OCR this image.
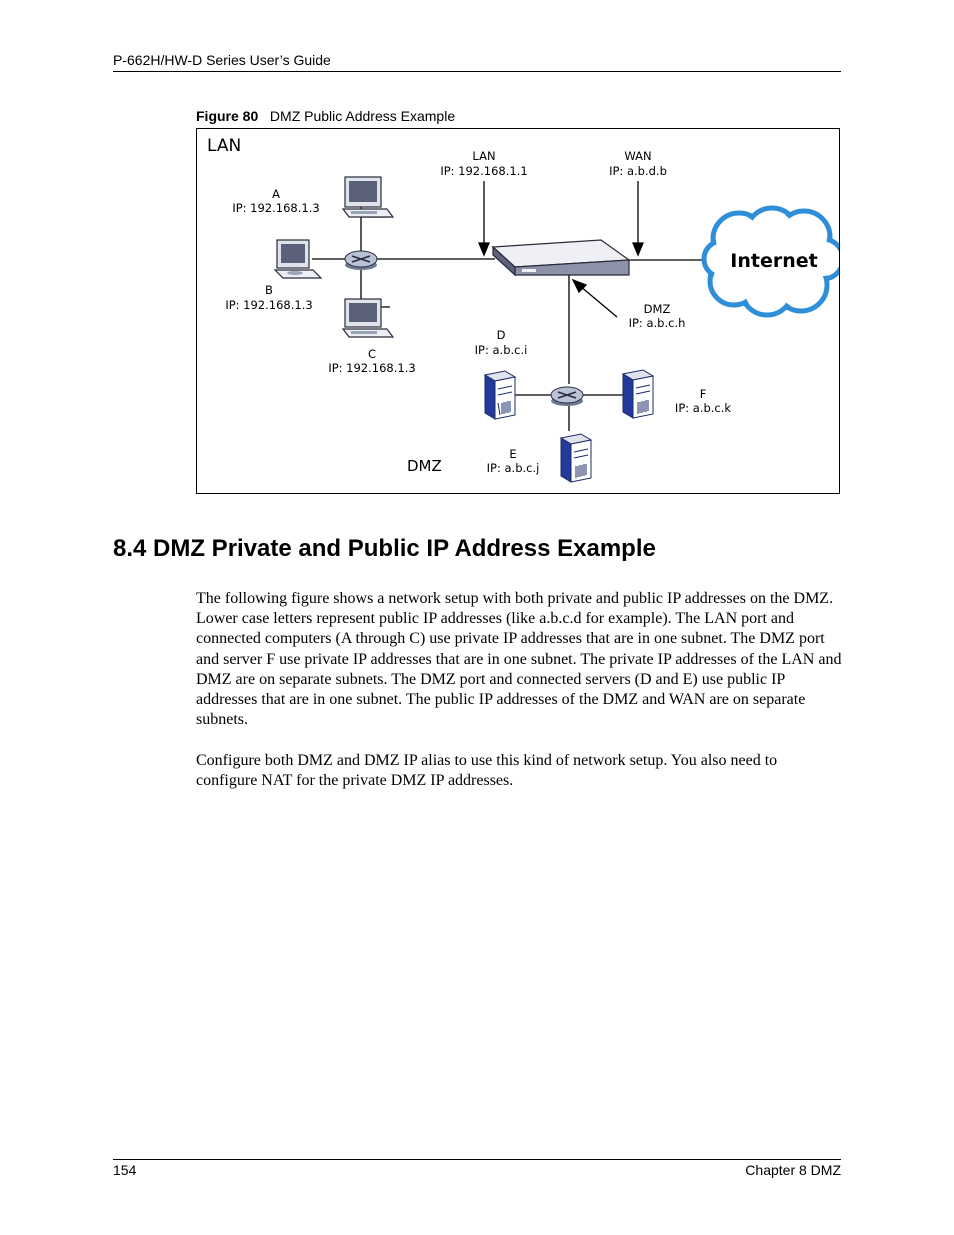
P-662H/HW-D Series User’s Guide
Figure 80 DMZ Public Address Example
LAN
DMZ
Internet
LAN
IP: 192.168.1.1
WAN
IP: a.b.d.b
DMZ
IP: a.b.c.h
A
IP: 192.168.1.3
B
IP: 192.168.1.3
C
IP: 192.168.1.3
D
IP: a.b.c.i
E
IP: a.b.c.j
F
IP: a.b.c.k
8.4 DMZ Private and Public IP Address Example
The following figure shows a network setup with both private and public IP addresses on the DMZ. Lower case letters represent public IP addresses (like a.b.c.d for example). The LAN port and connected computers (A through C) use private IP addresses that are in one subnet. The DMZ port and server F use private IP addresses that are in one subnet. The private IP addresses of the LAN and DMZ are on separate subnets. The DMZ port and connected servers (D and E) use public IP addresses that are in one subnet. The public IP addresses of the DMZ and WAN are on separate subnets.
Configure both DMZ and DMZ IP alias to use this kind of network setup. You also need to configure NAT for the private DMZ IP addresses.
154	Chapter 8 DMZ
